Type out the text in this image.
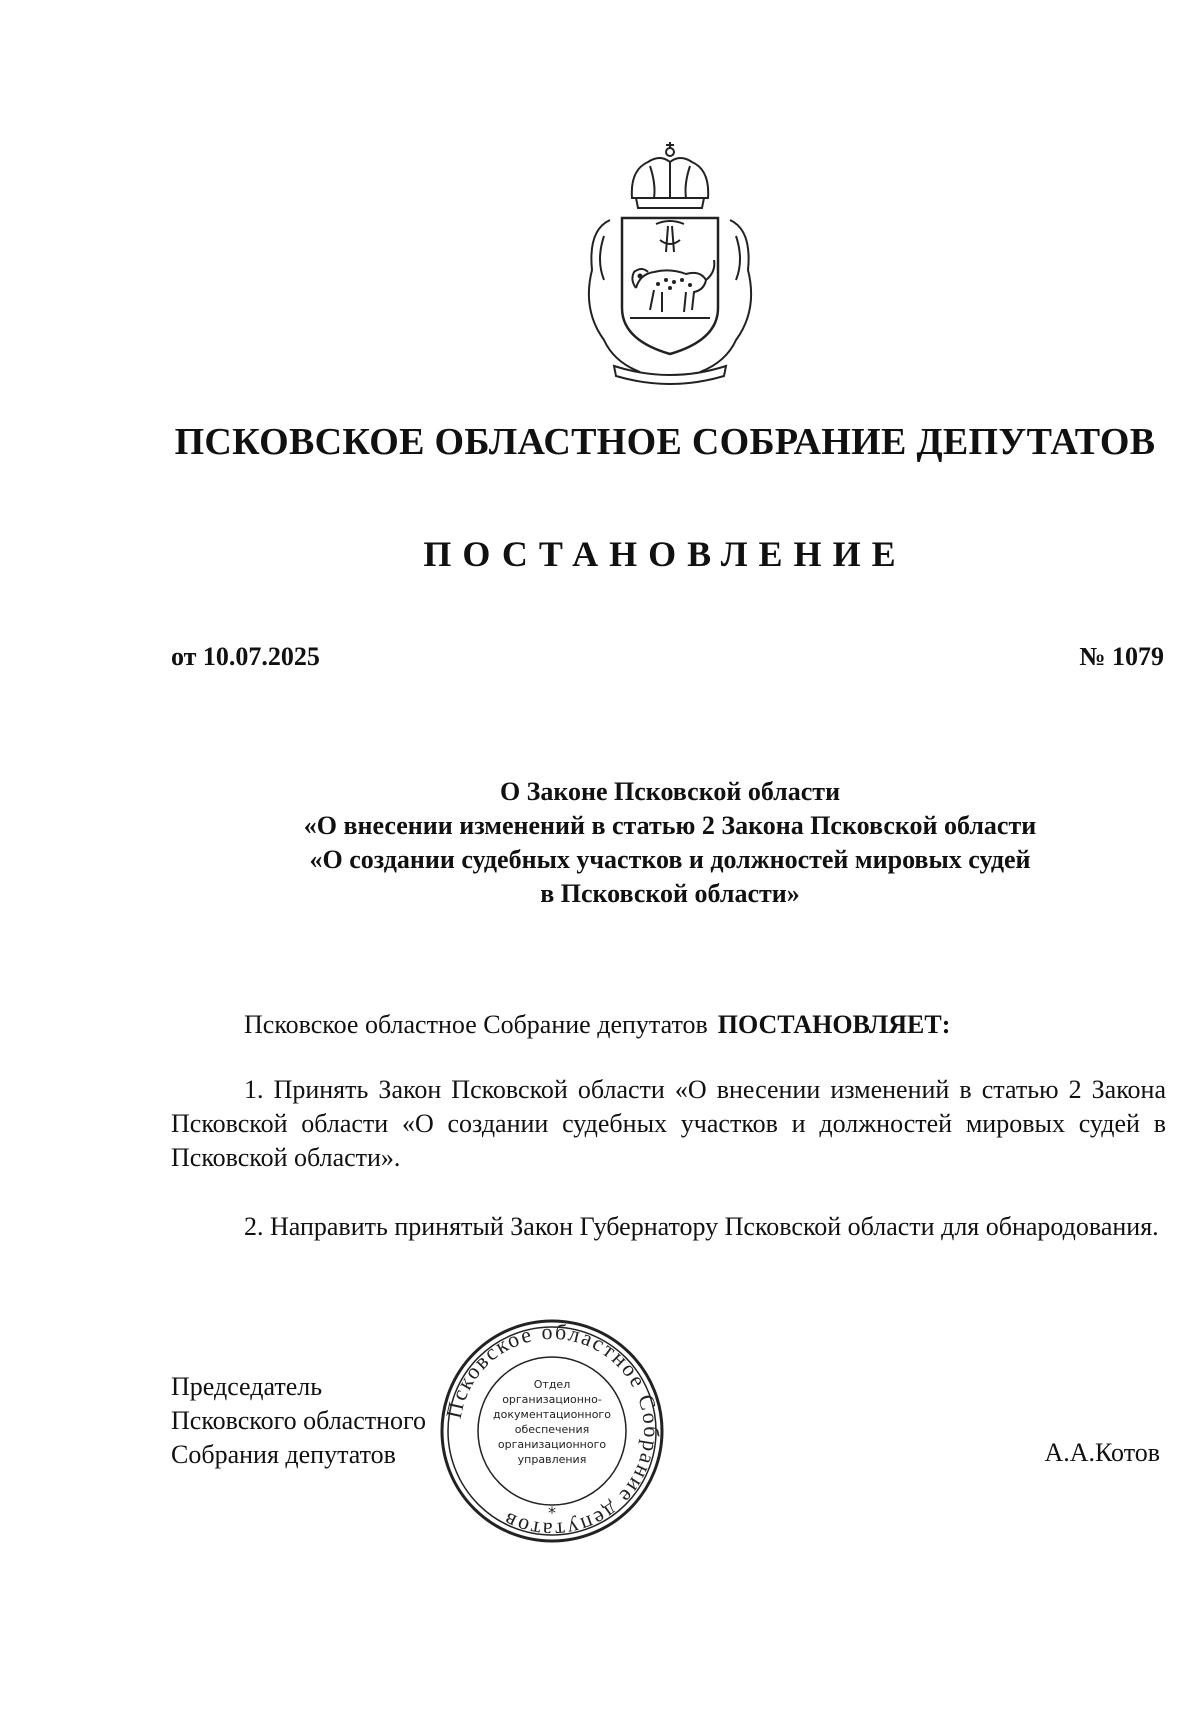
ПСКОВСКОЕ ОБЛАСТНОЕ СОБРАНИЕ ДЕПУТАТОВ
ПОСТАНОВЛЕНИЕ
от 10.07.2025	№ 1079
О Законе Псковской области
«О внесении изменений в статью 2 Закона Псковской области
«О создании судебных участков и должностей мировых судей
в Псковской области»
Псковское областное Собрание депутатов ПОСТАНОВЛЯЕТ:
1. Принять Закон Псковской области «О внесении изменений в статью 2 Закона Псковской области «О создании судебных участков и должностей мировых судей в Псковской области».
2. Направить принятый Закон Губернатору Псковской области для обнародования.
Председатель
Псковского областного
Собрания депутатов	А.А.Котов
Псковское областное Собрание депутатов
Отдел
организационно-
документационного
обеспечения
организационного
управления
*
